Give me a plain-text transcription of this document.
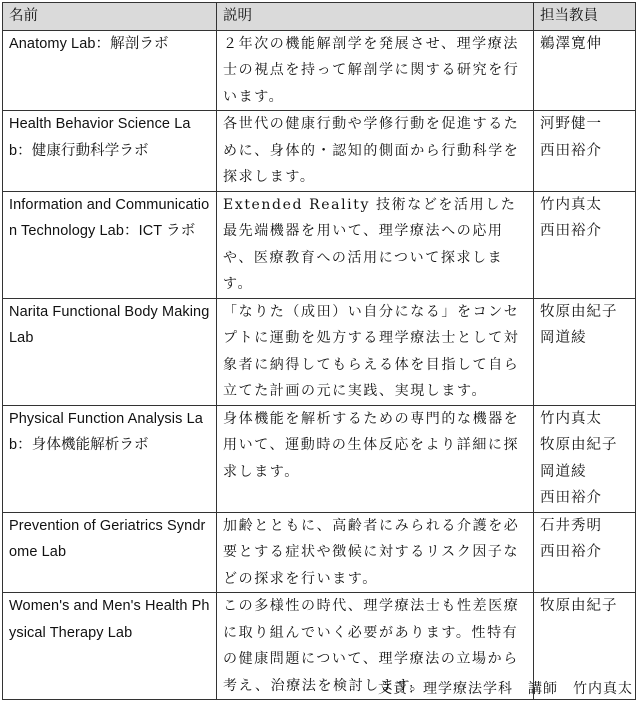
名前	説明	担当教員
Anatomy Lab：解剖ラボ	２年次の機能解剖学を発展させ、理学療法士の視点を持って解剖学に関する研究を行います。	鵜澤寛伸

Health Behavior Science Lab：健康行動科学ラボ	各世代の健康行動や学修行動を促進するために、身体的・認知的側面から行動科学を探求します。	河野健一
西田裕介

Information and Communication Technology Lab：ICT ラボ	Extended Reality 技術などを活用した最先端機器を用いて、理学療法への応用や、医療教育への活用について探求します。	竹内真太
西田裕介

Narita Functional Body Making Lab	「なりた（成田）い自分になる」をコンセプトに運動を処方する理学療法士として対象者に納得してもらえる体を目指して自ら立てた計画の元に実践、実現します。	牧原由紀子
岡道綾

Physical Function Analysis Lab：身体機能解析ラボ	身体機能を解析するための専門的な機器を用いて、運動時の生体反応をより詳細に探求します。	竹内真太
牧原由紀子
岡道綾
西田裕介

Prevention of Geriatrics Syndrome Lab	加齢とともに、高齢者にみられる介護を必要とする症状や徴候に対するリスク因子などの探求を行います。	石井秀明
西田裕介

Women's and Men's Health Physical Therapy Lab	この多様性の時代、理学療法士も性差医療に取り組んでいく必要があります。性特有の健康問題について、理学療法の立場から考え、治療法を検討します。	牧原由紀子
文責：理学療法学科　講師　竹内真太
